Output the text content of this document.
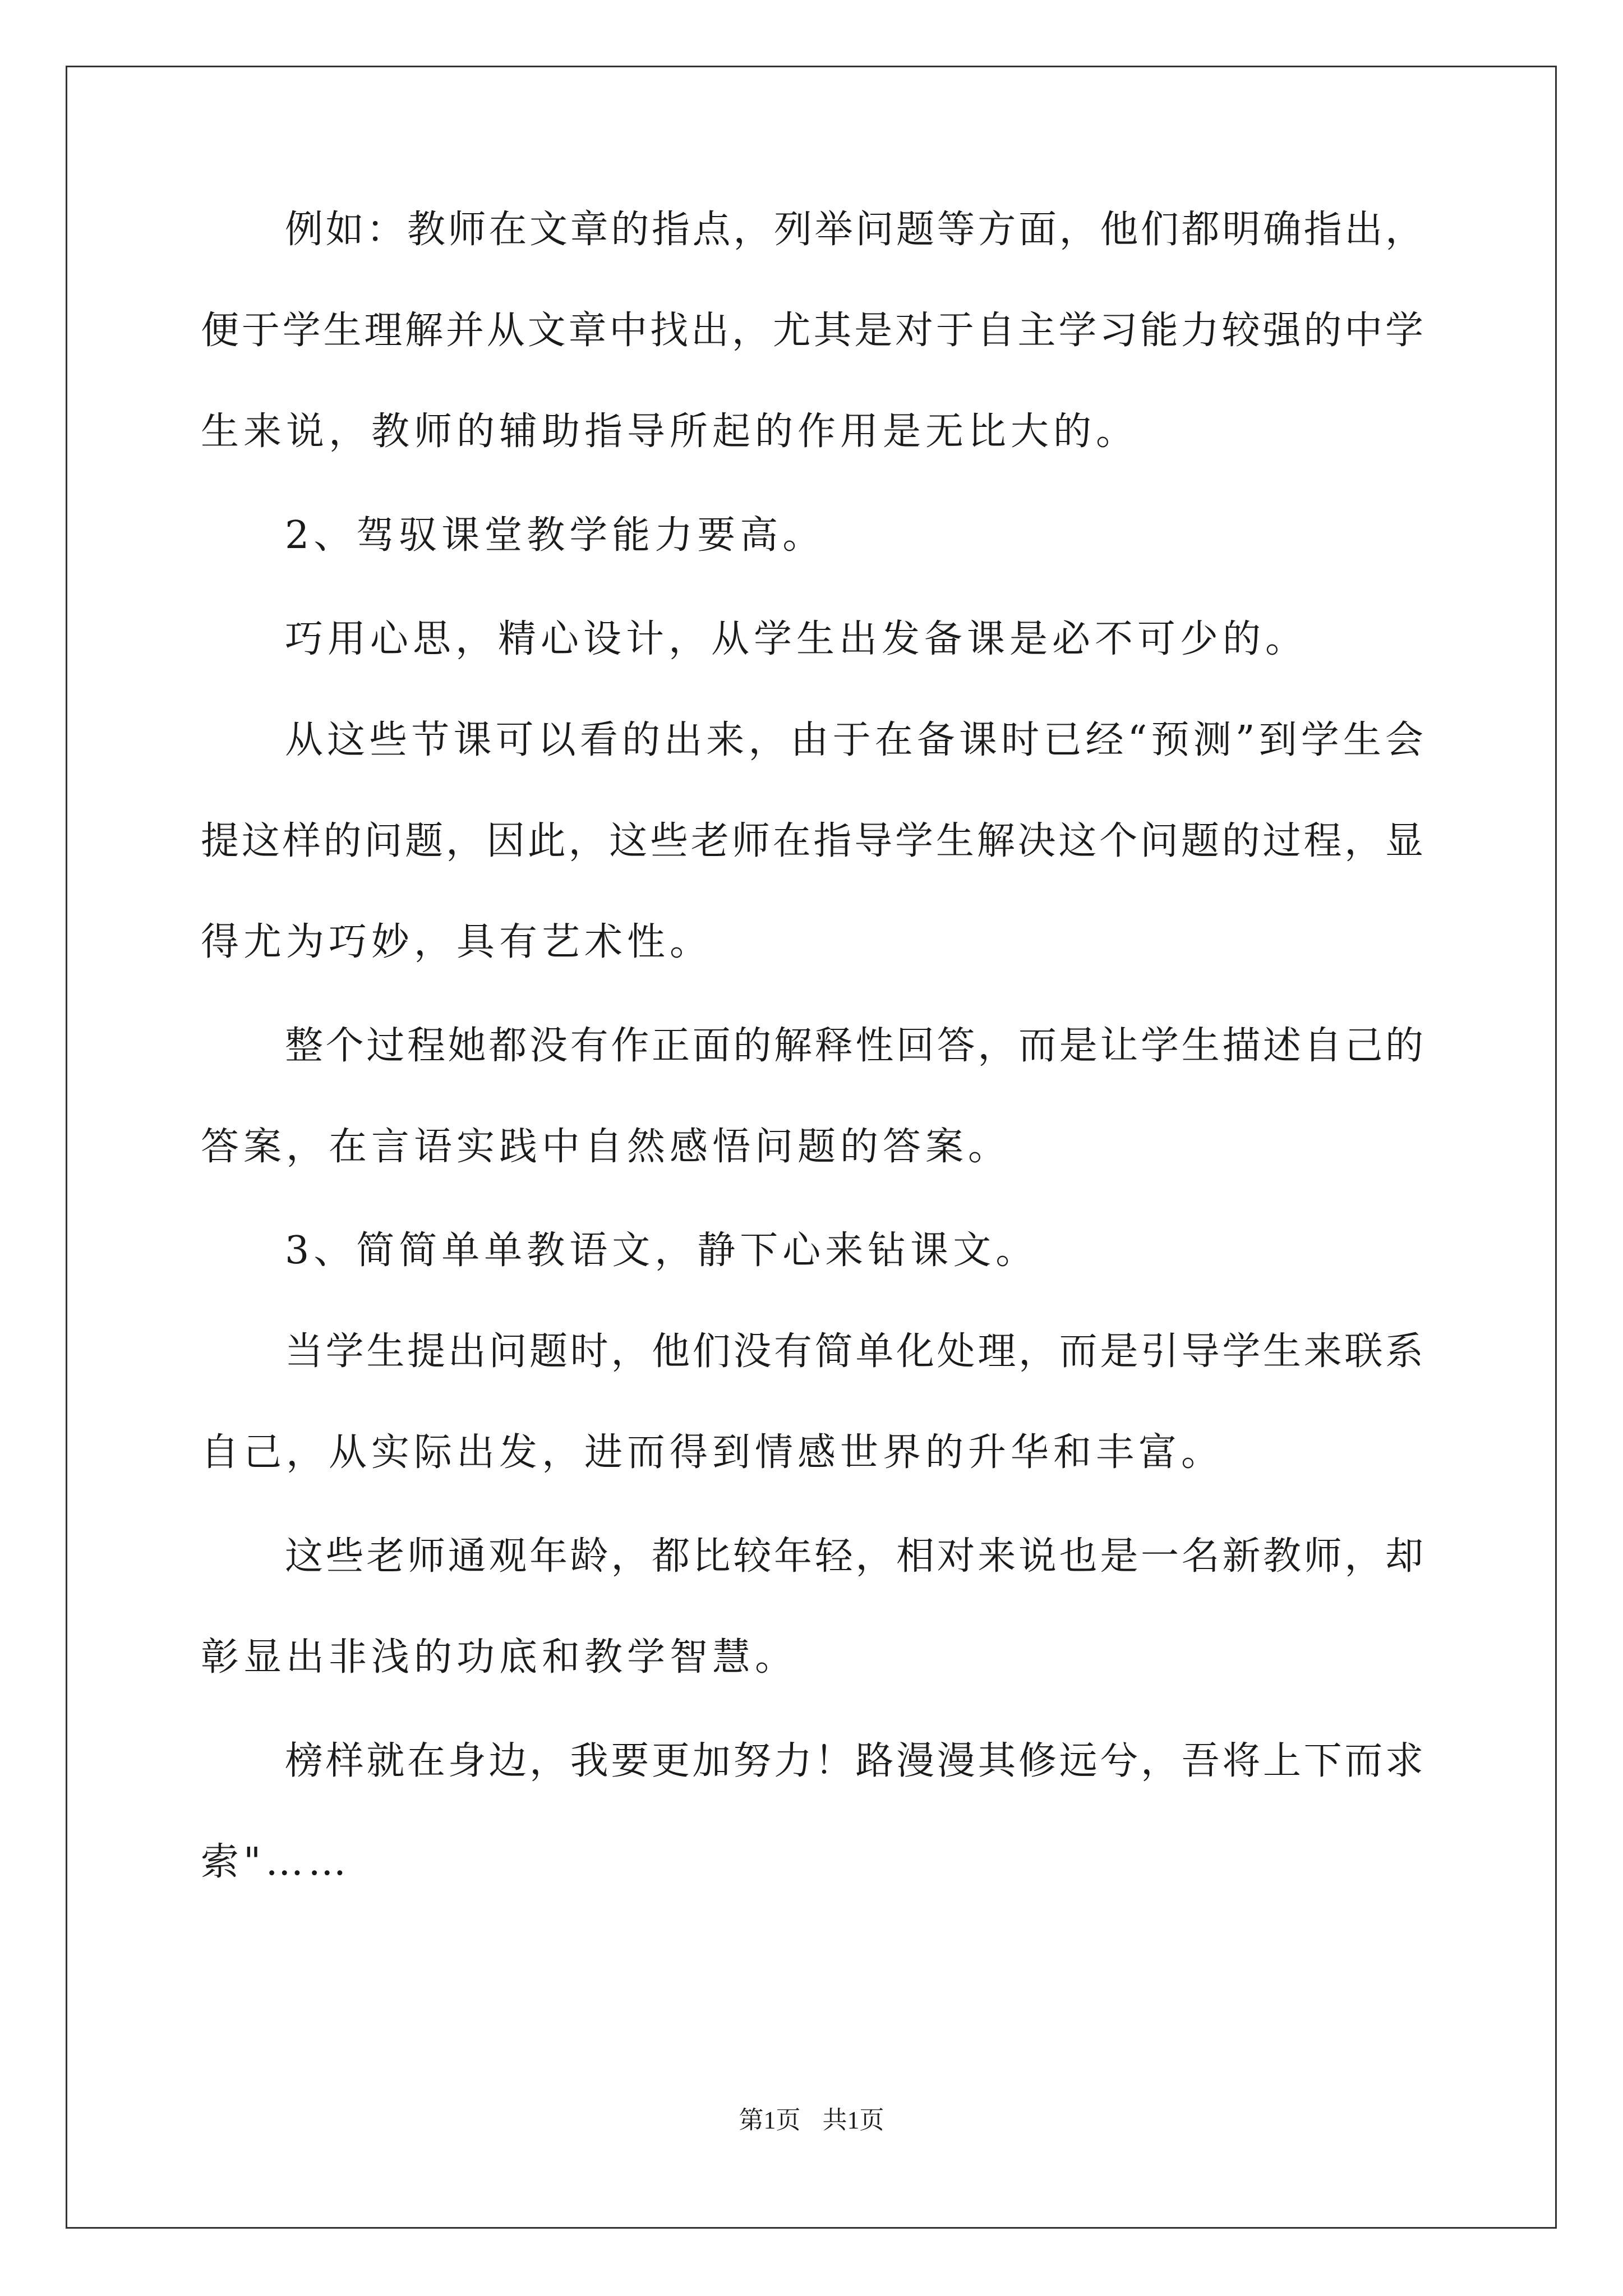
例如：教师在文章的指点，列举问题等方面，他们都明确指出，
便于学生理解并从文章中找出，尤其是对于自主学习能力较强的中学
生来说，教师的辅助指导所起的作用是无比大的。
2、驾驭课堂教学能力要高。
巧用心思，精心设计，从学生出发备课是必不可少的。
从这些节课可以看的出来，由于在备课时已经“预测”到学生会
提这样的问题，因此，这些老师在指导学生解决这个问题的过程，显
得尤为巧妙，具有艺术性。
整个过程她都没有作正面的解释性回答，而是让学生描述自己的
答案，在言语实践中自然感悟问题的答案。
3、简简单单教语文，静下心来钻课文。
当学生提出问题时，他们没有简单化处理，而是引导学生来联系
自己，从实际出发，进而得到情感世界的升华和丰富。
这些老师通观年龄，都比较年轻，相对来说也是一名新教师，却
彰显出非浅的功底和教学智慧。
榜样就在身边，我要更加努力！路漫漫其修远兮，吾将上下而求
索"……
第1页 共1页
